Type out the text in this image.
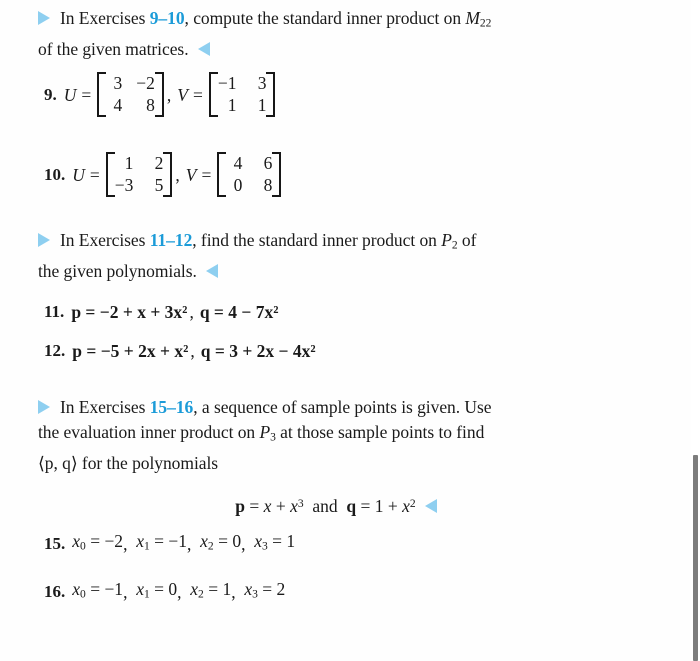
In Exercises 9–10, compute the standard inner product on $M_{22}$
of the given matrices.
9. U =
3 −2
4	8
, V =
−1	3
1	1
10. U =
1	2
−3	5
, V =
4	6
0	8
In Exercises 11–12, find the standard inner product on $P_2$ of
the given polynomials.
11. p = −2 + x + 3x² , q = 4 − 7x²
12. p = −5 + 2x + x² , q = 3 + 2x − 4x²
In Exercises 15–16, a sequence of sample points is given. Use
the evaluation inner product on $P_3$ at those sample points to find
⟨p, q⟩ for the polynomials
$p = x + x^3$ and $q = 1 + x^2$
15. $x_0 = -2$ , $x_1 = -1$ , $x_2 = 0$ , $x_3 = 1$
16. $x_0 = -1$ , $x_1 = 0$ , $x_2 = 1$ , $x_3 = 2$
